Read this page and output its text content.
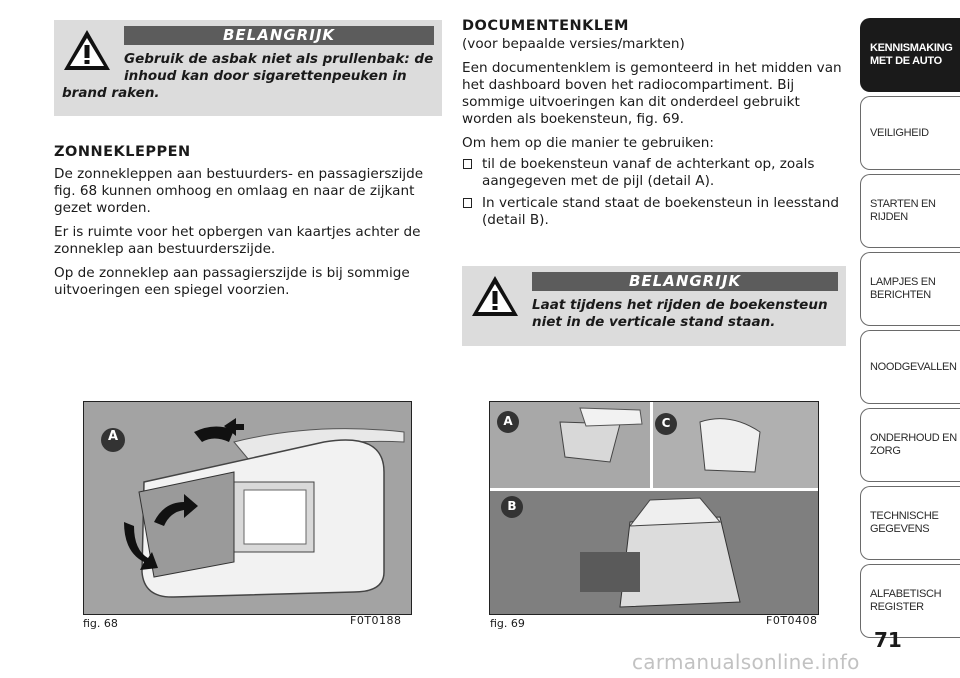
BELANGRIJK
Gebruik de asbak niet als prullenbak: de
inhoud kan door sigarettenpeuken in
brand raken.
ZONNEKLEPPEN

De zonnekleppen aan bestuurders- en passagierszijde fig. 68 kunnen omhoog en omlaag en naar de zijkant gezet worden.

Er is ruimte voor het opbergen van kaartjes achter de zonneklep aan bestuurderszijde.

Op de zonneklep aan passagierszijde is bij sommige uitvoeringen een spiegel voorzien.

DOCUMENTENKLEM

(voor bepaalde versies/markten)

Een documentenklem is gemonteerd in het midden van het dashboard boven het radiocompartiment. Bij sommige uitvoeringen kan dit onderdeel gebruikt worden als boekensteun, fig. 69.

Om hem op die manier te gebruiken:

til de boekensteun vanaf de achterkant op, zoals aangegeven met de pijl (detail A).
In verticale stand staat de boekensteun in leesstand (detail B).
BELANGRIJK
Laat tijdens het rijden de boekensteun
niet in de verticale stand staan.
A
fig. 68	F0T0188
A	C
B
fig. 69	F0T0408
KENNISMAKING
MET DE AUTO
VEILIGHEID

STARTEN EN RIJDEN

LAMPJES EN
BERICHTEN
NOODGEVALLEN

ONDERHOUD EN
ZORG
TECHNISCHE
GEGEVENS
ALFABETISCH
REGISTER
71
carmanualsonline.info
